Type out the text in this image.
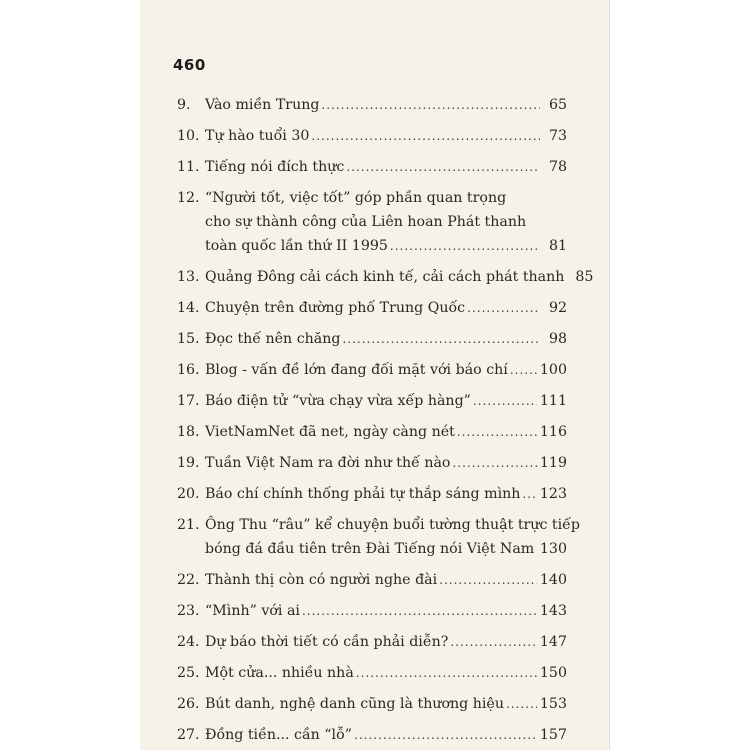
460
9.	Vào miền Trung .....	65
10. Tự hào tuổi 30 .....	73
11. Tiếng nói đích thực .....	78
12. “Người tốt, việc tốt” góp phần quan trọng
cho sự thành công của Liên hoan Phát thanh
toàn quốc lần thứ II 1995 .....	81
13. Quảng Đông cải cách kinh tế, cải cách phát thanh 85
14. Chuyện trên đường phố Trung Quốc .....	92
15. Đọc thế nên chăng .....	98
16. Blog - vấn đề lớn đang đối mặt với báo chí ..... 100
17. Báo điện tử “vừa chạy vừa xếp hàng” .....	111
18. VietNamNet đã net, ngày càng nét .....	116
19. Tuần Việt Nam ra đời như thế nào .....	119
20. Báo chí chính thống phải tự thắp sáng mình ..... 123
21. Ông Thu “râu” kể chuyện buổi tường thuật trực tiếp
bóng đá đầu tiên trên Đài Tiếng nói Việt Nam ..... 130
22. Thành thị còn có người nghe đài .....	140
23. “Mình” với ai .....	143
24. Dự báo thời tiết có cần phải diễn? .....	147
25. Một cửa... nhiều nhà .....	150
26. Bút danh, nghệ danh cũng là thương hiệu .....	153
27. Đồng tiền... cần “lỗ” .....	157
